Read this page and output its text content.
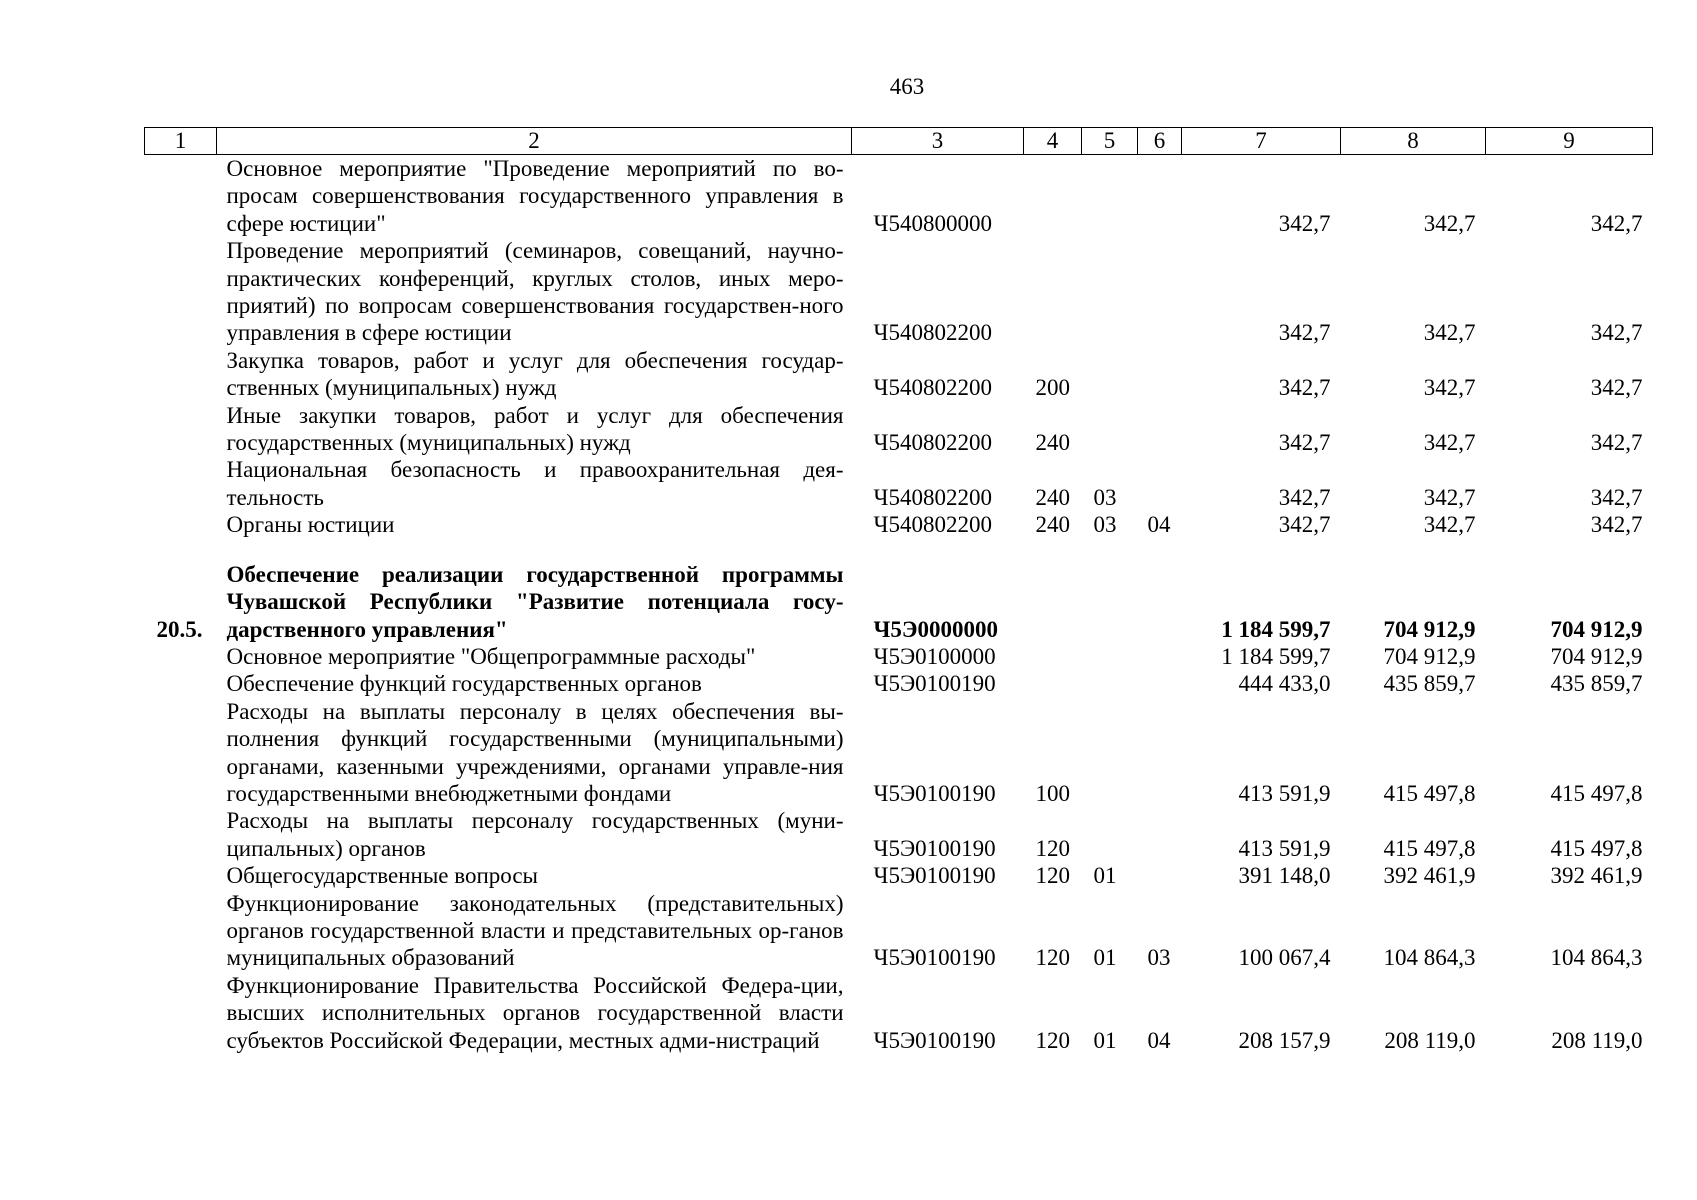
463
1	2	3	4	5	6	7	8	9
	Основное мероприятие "Проведение мероприятий по во-просам совершенствования государственного управления в сфере юстиции"	Ч540800000				342,7	342,7	342,7
	Проведение мероприятий (семинаров, совещаний, научно-практических конференций, круглых столов, иных меро-приятий) по вопросам совершенствования государствен-ного управления в сфере юстиции	Ч540802200				342,7	342,7	342,7
	Закупка товаров, работ и услуг для обеспечения государ-ственных (муниципальных) нужд	Ч540802200	200			342,7	342,7	342,7
	Иные закупки товаров, работ и услуг для обеспечения государственных (муниципальных) нужд	Ч540802200	240			342,7	342,7	342,7
	Национальная безопасность и правоохранительная дея-тельность	Ч540802200	240	03		342,7	342,7	342,7
	Органы юстиции	Ч540802200	240	03	04	342,7	342,7	342,7

20.5.	Обеспечение реализации государственной программы Чувашской Республики "Развитие потенциала госу-дарственного управления"	Ч5Э0000000				1 184 599,7	704 912,9	704 912,9
	Основное мероприятие "Общепрограммные расходы"	Ч5Э0100000				1 184 599,7	704 912,9	704 912,9
	Обеспечение функций государственных органов	Ч5Э0100190				444 433,0	435 859,7	435 859,7
	Расходы на выплаты персоналу в целях обеспечения вы-полнения функций государственными (муниципальными) органами, казенными учреждениями, органами управле-ния государственными внебюджетными фондами	Ч5Э0100190	100			413 591,9	415 497,8	415 497,8
	Расходы на выплаты персоналу государственных (муни-ципальных) органов	Ч5Э0100190	120			413 591,9	415 497,8	415 497,8
	Общегосударственные вопросы	Ч5Э0100190	120	01		391 148,0	392 461,9	392 461,9
	Функционирование законодательных (представительных) органов государственной власти и представительных ор-ганов муниципальных образований	Ч5Э0100190	120	01	03	100 067,4	104 864,3	104 864,3
	Функционирование Правительства Российской Федера-ции, высших исполнительных органов государственной власти субъектов Российской Федерации, местных адми-нистраций	Ч5Э0100190	120	01	04	208 157,9	208 119,0	208 119,0
